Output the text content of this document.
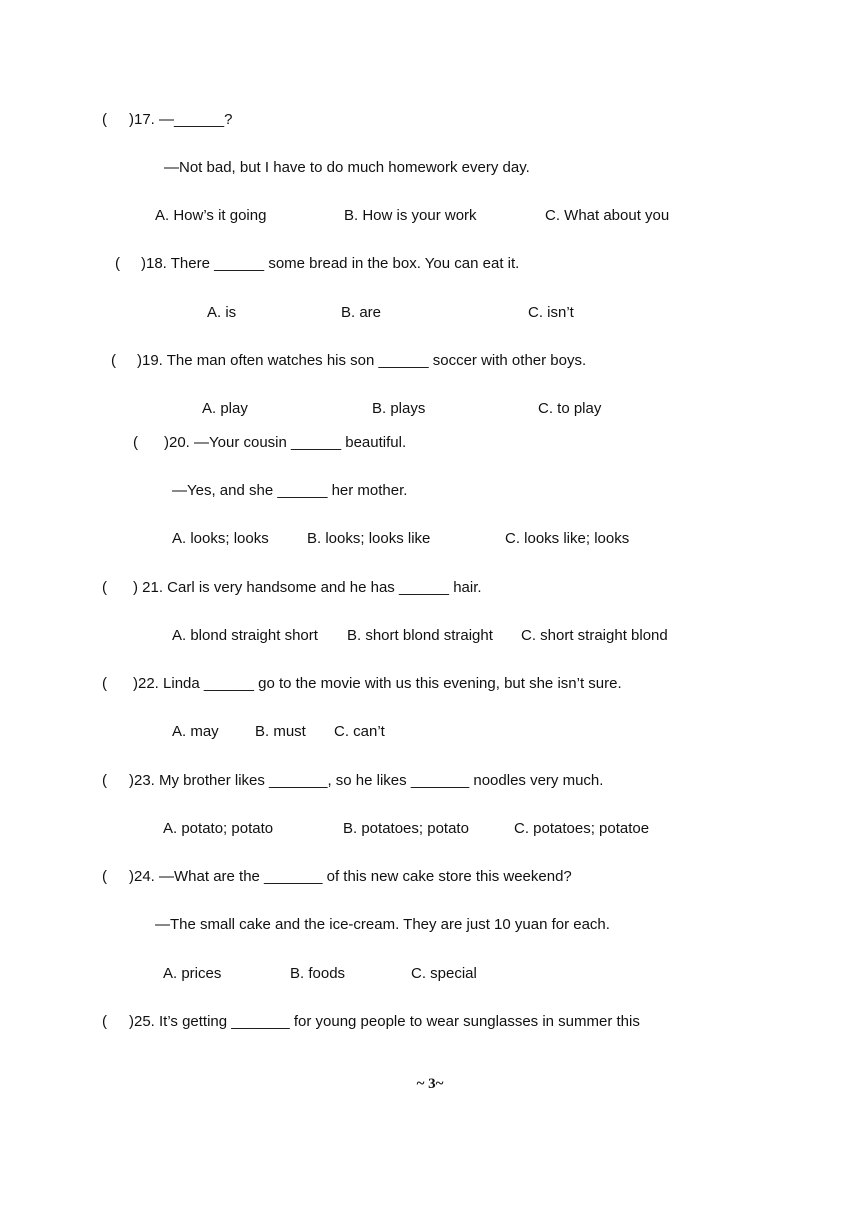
( )17. —______?
—Not bad, but I have to do much homework every day.
A. How’s it going	B. How is your work	C. What about you
( )18. There ______ some bread in the box. You can eat it.
A. is	B. are	C. isn’t
( )19. The man often watches his son ______ soccer with other boys.
A. play	B. plays	C. to play
( )20. —Your cousin ______ beautiful.
—Yes, and she ______ her mother.
A. looks; looks	B. looks; looks like	C. looks like; looks
( ) 21. Carl is very handsome and he has ______ hair.
A. blond straight short B. short blond straight C. short straight blond
( )22. Linda ______ go to the movie with us this evening, but she isn’t sure.
A. may B. must C. can’t
( )23. My brother likes _______, so he likes _______ noodles very much.
A. potato; potato	B. potatoes; potato	C. potatoes; potatoe
( )24. —What are the _______ of this new cake store this weekend?
—The small cake and the ice-cream. They are just 10 yuan for each.
A. prices	B. foods	C. special
( )25. It’s getting _______ for young people to wear sunglasses in summer this
~ 3~
